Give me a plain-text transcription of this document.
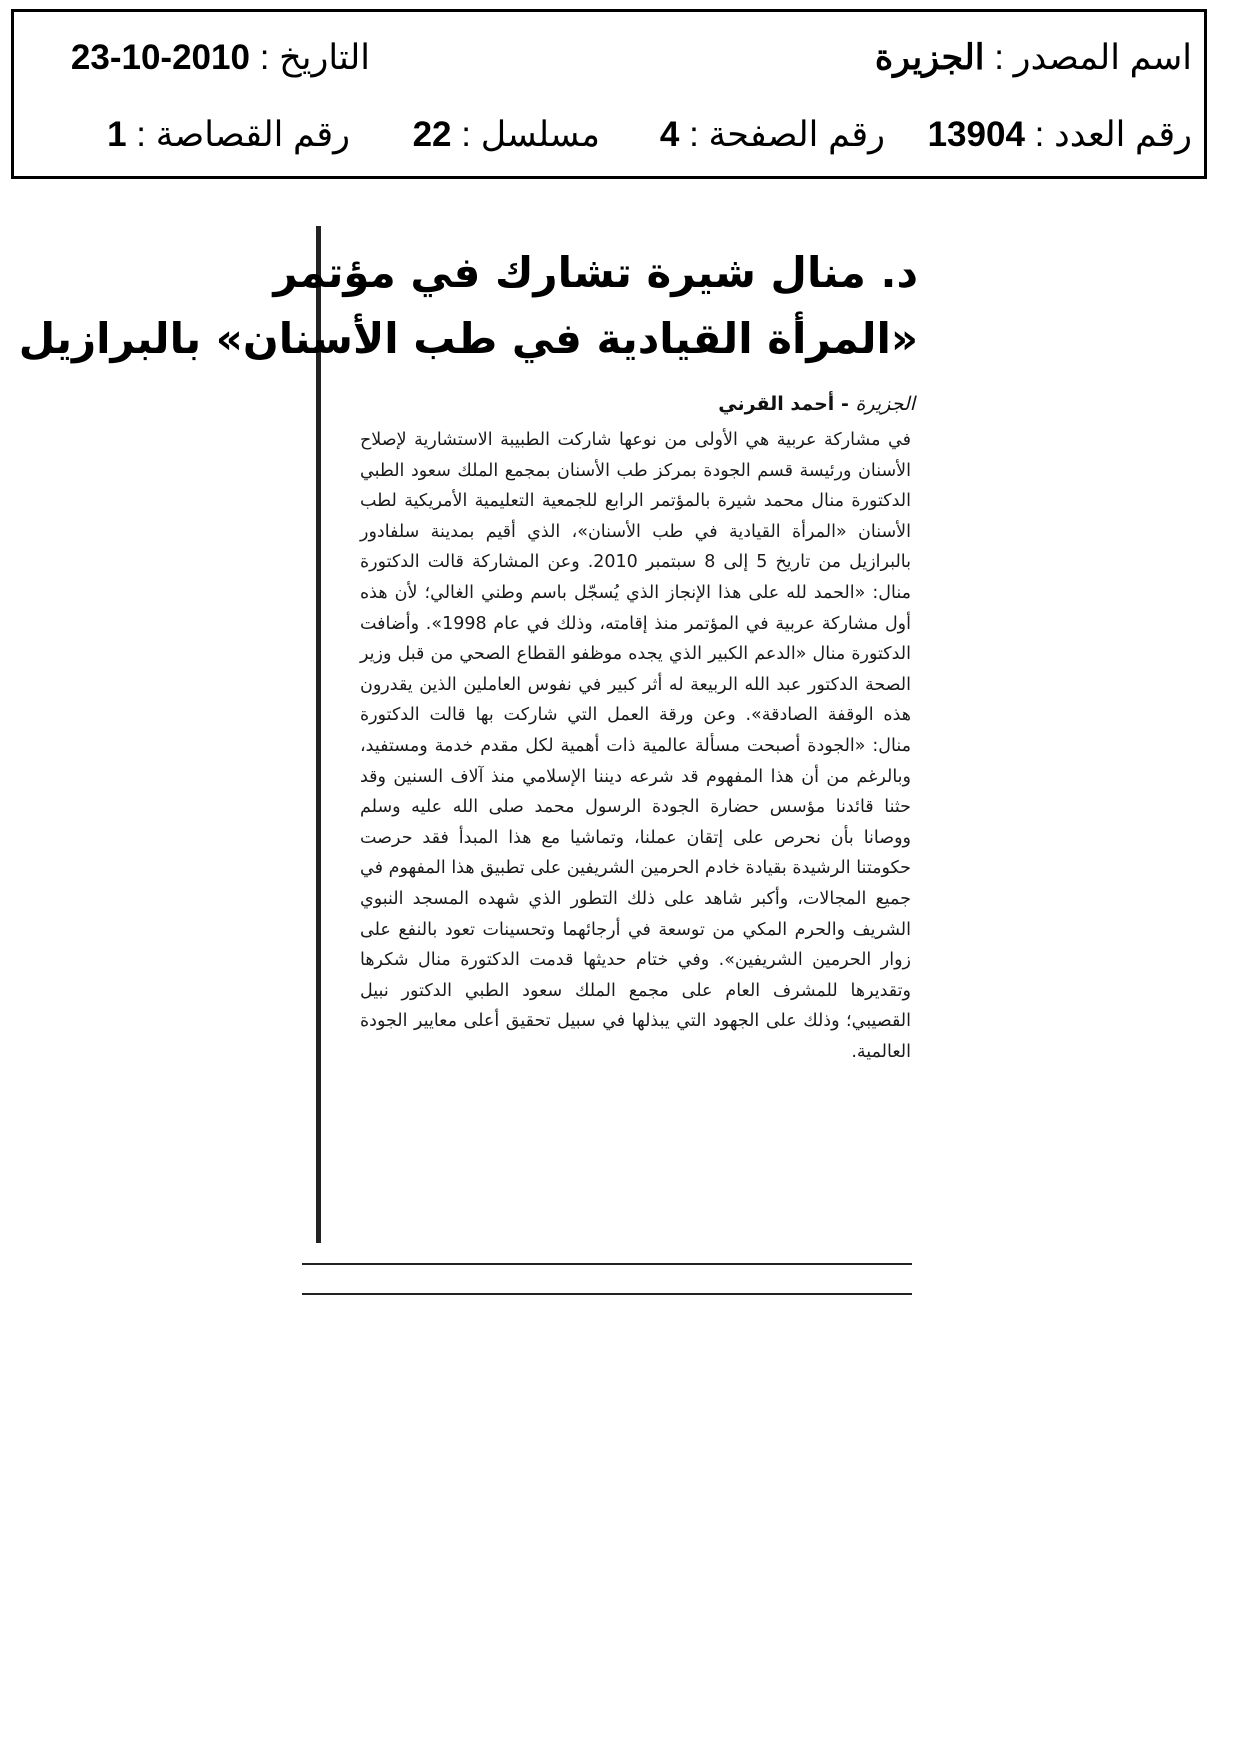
اسم المصدر : الجزيرة
التاريخ : 2010-10-23
رقم العدد : 13904
رقم الصفحة : 4
مسلسل : 22
رقم القصاصة : 1
د. منال شيرة تشارك في مؤتمر
«المرأة القيادية في طب الأسنان» بالبرازيل
الجزيرة - أحمد القرني
في مشاركة عربية هي الأولى من نوعها شاركت الطبيبة الاستشارية لإصلاح الأسنان ورئيسة قسم الجودة بمركز طب الأسنان بمجمع الملك سعود الطبي الدكتورة منال محمد شيرة بالمؤتمر الرابع للجمعية التعليمية الأمريكية لطب الأسنان «المرأة القيادية في طب الأسنان»، الذي أقيم بمدينة سلفادور بالبرازيل من تاريخ 5 إلى 8 سبتمبر 2010. وعن المشاركة قالت الدكتورة منال: «الحمد لله على هذا الإنجاز الذي يُسجّل باسم وطني الغالي؛ لأن هذه أول مشاركة عربية في المؤتمر منذ إقامته، وذلك في عام 1998». وأضافت الدكتورة منال «الدعم الكبير الذي يجده موظفو القطاع الصحي من قبل وزير الصحة الدكتور عبد الله الربيعة له أثر كبير في نفوس العاملين الذين يقدرون هذه الوقفة الصادقة». وعن ورقة العمل التي شاركت بها قالت الدكتورة منال: «الجودة أصبحت مسألة عالمية ذات أهمية لكل مقدم خدمة ومستفيد، وبالرغم من أن هذا المفهوم قد شرعه ديننا الإسلامي منذ آلاف السنين وقد حثنا قائدنا مؤسس حضارة الجودة الرسول محمد صلى الله عليه وسلم ووصانا بأن نحرص على إتقان عملنا، وتماشيا مع هذا المبدأ فقد حرصت حكومتنا الرشيدة بقيادة خادم الحرمين الشريفين على تطبيق هذا المفهوم في جميع المجالات، وأكبر شاهد على ذلك التطور الذي شهده المسجد النبوي الشريف والحرم المكي من توسعة في أرجائهما وتحسينات تعود بالنفع على زوار الحرمين الشريفين». وفي ختام حديثها قدمت الدكتورة منال شكرها وتقديرها للمشرف العام على مجمع الملك سعود الطبي الدكتور نبيل القصيبي؛ وذلك على الجهود التي يبذلها في سبيل تحقيق أعلى معايير الجودة العالمية.
